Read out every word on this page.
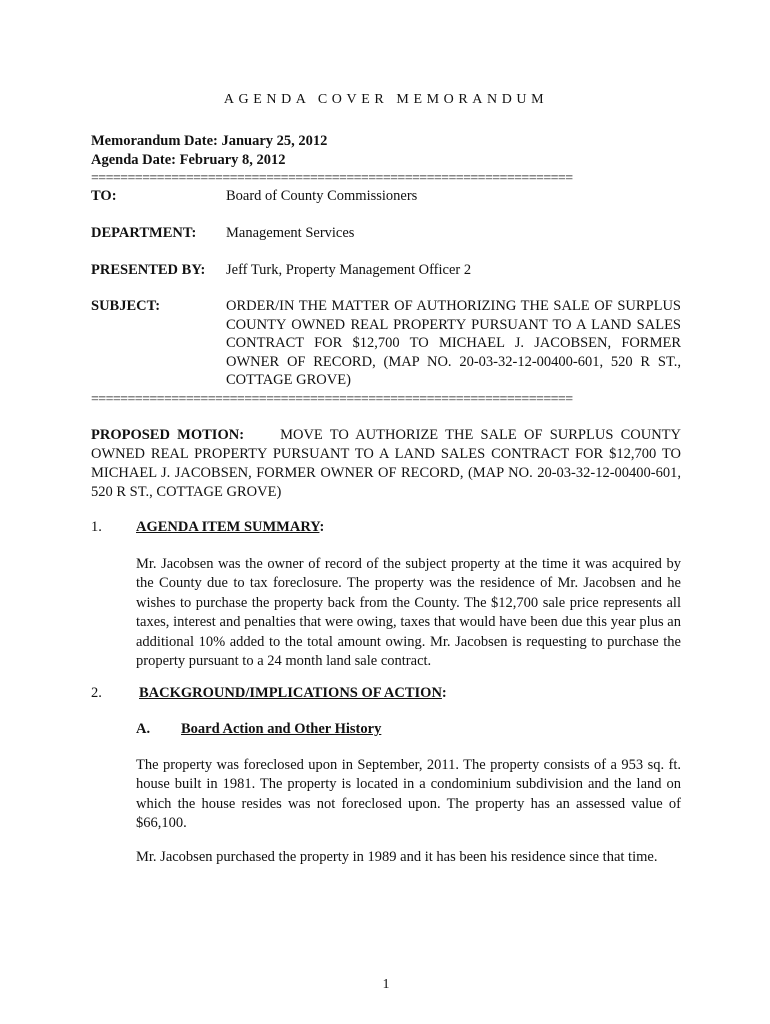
AGENDA COVER MEMORANDUM
Memorandum Date: January 25, 2012
Agenda Date: February 8, 2012
==================================================================
TO:	Board of County Commissioners
DEPARTMENT: Management Services
PRESENTED BY: Jeff Turk, Property Management Officer 2
SUBJECT:	ORDER/IN THE MATTER OF AUTHORIZING THE SALE OF SURPLUS COUNTY OWNED REAL PROPERTY PURSUANT TO A LAND SALES CONTRACT FOR $12,700 TO MICHAEL J. JACOBSEN, FORMER OWNER OF RECORD, (MAP NO. 20-03-32-12-00400-601, 520 R ST., COTTAGE GROVE)
==================================================================
PROPOSED MOTION: MOVE TO AUTHORIZE THE SALE OF SURPLUS COUNTY OWNED REAL PROPERTY PURSUANT TO A LAND SALES CONTRACT FOR $12,700 TO MICHAEL J. JACOBSEN, FORMER OWNER OF RECORD, (MAP NO. 20-03-32-12-00400-601, 520 R ST., COTTAGE GROVE)
1. AGENDA ITEM SUMMARY:
Mr. Jacobsen was the owner of record of the subject property at the time it was acquired by the County due to tax foreclosure. The property was the residence of Mr. Jacobsen and he wishes to purchase the property back from the County. The $12,700 sale price represents all taxes, interest and penalties that were owing, taxes that would have been due this year plus an additional 10% added to the total amount owing. Mr. Jacobsen is requesting to purchase the property pursuant to a 24 month land sale contract.
2.	BACKGROUND/IMPLICATIONS OF ACTION:
A. Board Action and Other History
The property was foreclosed upon in September, 2011. The property consists of a 953 sq. ft. house built in 1981. The property is located in a condominium subdivision and the land on which the house resides was not foreclosed upon. The property has an assessed value of $66,100.
Mr. Jacobsen purchased the property in 1989 and it has been his residence since that time.
1
